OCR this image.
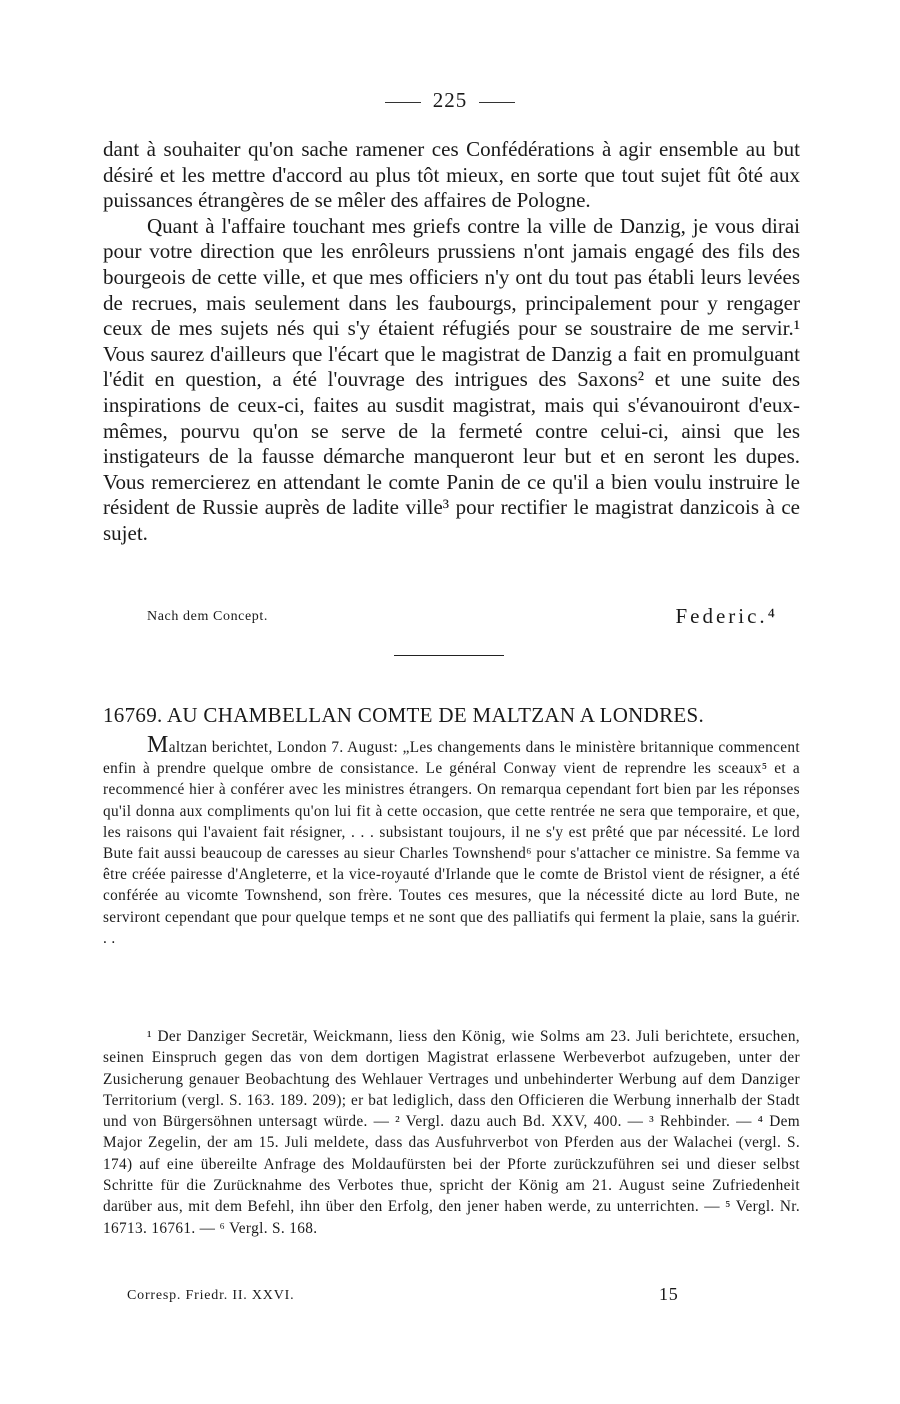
225

dant à souhaiter qu'on sache ramener ces Confédérations à agir ensemble au but désiré et les mettre d'accord au plus tôt mieux, en sorte que tout sujet fût ôté aux puissances étrangères de se mêler des affaires de Pologne.

Quant à l'affaire touchant mes griefs contre la ville de Danzig, je vous dirai pour votre direction que les enrôleurs prussiens n'ont jamais engagé des fils des bourgeois de cette ville, et que mes officiers n'y ont du tout pas établi leurs levées de recrues, mais seulement dans les faubourgs, principalement pour y rengager ceux de mes sujets nés qui s'y étaient réfugiés pour se soustraire de me servir.¹ Vous saurez d'ailleurs que l'écart que le magistrat de Danzig a fait en promulguant l'édit en question, a été l'ouvrage des intrigues des Saxons² et une suite des inspirations de ceux-ci, faites au susdit magistrat, mais qui s'évanouiront d'eux-mêmes, pourvu qu'on se serve de la fermeté contre celui-ci, ainsi que les instigateurs de la fausse démarche manqueront leur but et en seront les dupes. Vous remercierez en attendant le comte Panin de ce qu'il a bien voulu instruire le résident de Russie auprès de ladite ville³ pour rectifier le magistrat danzicois à ce sujet.

Nach dem Concept.	Federic.⁴
16769. AU CHAMBELLAN COMTE DE MALTZAN A LONDRES.

Maltzan berichtet, London 7. August: „Les changements dans le ministère britannique commencent enfin à prendre quelque ombre de consistance. Le général Conway vient de reprendre les sceaux⁵ et a recommencé hier à conférer avec les ministres étrangers. On remarqua cependant fort bien par les réponses qu'il donna aux compliments qu'on lui fit à cette occasion, que cette rentrée ne sera que temporaire, et que, les raisons qui l'avaient fait résigner, . . . subsistant toujours, il ne s'y est prêté que par nécessité. Le lord Bute fait aussi beaucoup de caresses au sieur Charles Townshend⁶ pour s'attacher ce ministre. Sa femme va être créée pairesse d'Angleterre, et la vice-royauté d'Irlande que le comte de Bristol vient de résigner, a été conférée au vicomte Townshend, son frère. Toutes ces mesures, que la nécessité dicte au lord Bute, ne serviront cependant que pour quelque temps et ne sont que des palliatifs qui ferment la plaie, sans la guérir. . .

¹ Der Danziger Secretär, Weickmann, liess den König, wie Solms am 23. Juli berichtete, ersuchen, seinen Einspruch gegen das von dem dortigen Magistrat erlassene Werbeverbot aufzugeben, unter der Zusicherung genauer Beobachtung des Wehlauer Vertrages und unbehinderter Werbung auf dem Danziger Territorium (vergl. S. 163. 189. 209); er bat lediglich, dass den Officieren die Werbung innerhalb der Stadt und von Bürgersöhnen untersagt würde. — ² Vergl. dazu auch Bd. XXV, 400. — ³ Rehbinder. — ⁴ Dem Major Zegelin, der am 15. Juli meldete, dass das Ausfuhrverbot von Pferden aus der Walachei (vergl. S. 174) auf eine übereilte Anfrage des Moldaufürsten bei der Pforte zurückzuführen sei und dieser selbst Schritte für die Zurücknahme des Verbotes thue, spricht der König am 21. August seine Zufriedenheit darüber aus, mit dem Befehl, ihn über den Erfolg, den jener haben werde, zu unterrichten. — ⁵ Vergl. Nr. 16713. 16761. — ⁶ Vergl. S. 168.

Corresp. Friedr. II. XXVI.	15
